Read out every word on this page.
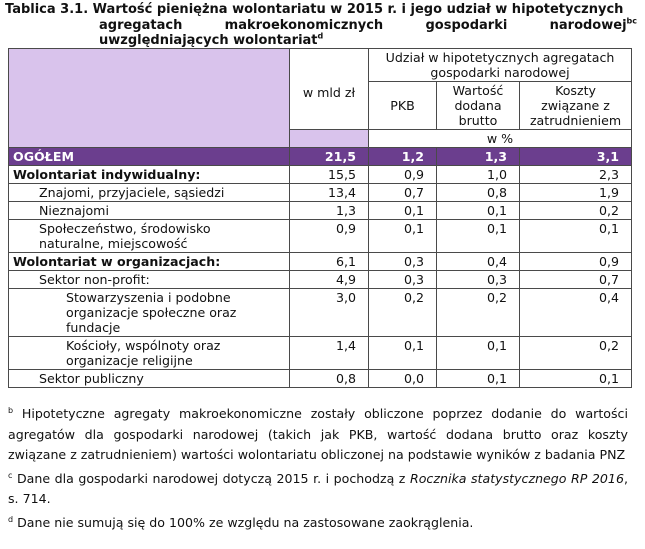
Tablica 3.1. Wartość pieniężna wolontariatu w 2015 r. i jego udział w hipotetycznych
agregatach makroekonomicznych gospodarki narodowej$^{bc}$
uwzględniających wolontariat$^d$
	w mld zł	Udział w hipotetycznych agregatach gospodarki narodowej		
		PKB	Wartość dodana brutto	Koszty związane z zatrudnieniem
		w %		
OGÓŁEM	21,5	1,2	1,3	3,1
Wolontariat indywidualny:	15,5	0,9	1,0	2,3
Znajomi, przyjaciele, sąsiedzi	13,4	0,7	0,8	1,9
Nieznajomi	1,3	0,1	0,1	0,2
Społeczeństwo, środowisko naturalne, miejscowość	0,9	0,1	0,1	0,1
Wolontariat w organizacjach:	6,1	0,3	0,4	0,9
Sektor non-profit:	4,9	0,3	0,3	0,7
Stowarzyszenia i podobne organizacje społeczne oraz fundacje	3,0	0,2	0,2	0,4
Kościoły, wspólnoty oraz organizacje religijne	1,4	0,1	0,1	0,2
Sektor publiczny	0,8	0,0	0,1	0,1

$^b$ Hipotetyczne agregaty makroekonomiczne zostały obliczone poprzez dodanie do wartości agregatów dla gospodarki narodowej (takich jak PKB, wartość dodana brutto oraz koszty związane z zatrudnieniem) wartości wolontariatu obliczonej na podstawie wyników z badania PNZ

$^c$ Dane dla gospodarki narodowej dotyczą 2015 r. i pochodzą z Rocznika statystycznego RP 2016, s. 714.

$^d$ Dane nie sumują się do 100% ze względu na zastosowane zaokrąglenia.
